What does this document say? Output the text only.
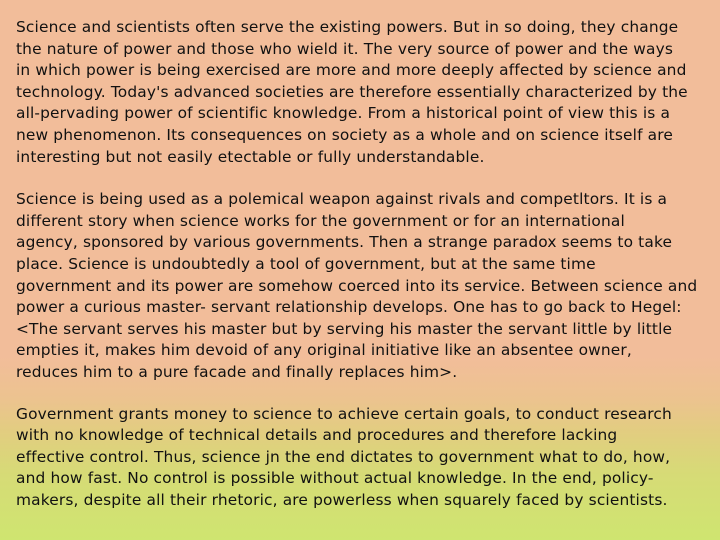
Science and scientists often serve the existing powers. But in so doing, they change
the nature of power and those who wield it. The very source of power and the ways
in which power is being exercised are more and more deeply affected by science and
technology. Today's advanced societies are therefore essentially characterized by the
all-pervading power of scientific knowledge. From a historical point of view this is a
new phenomenon. Its consequences on society as a whole and on science itself are
interesting but not easily etectable or fully understandable.

Science is being used as a polemical weapon against rivals and competltors. It is a
different story when science works for the government or for an international
agency, sponsored by various governments. Then a strange paradox seems to take
place. Science is undoubtedly a tool of government, but at the same time
government and its power are somehow coerced into its service. Between science and
power a curious master- servant relationship develops. One has to go back to Hegel:
<The servant serves his master but by serving his master the servant little by little
empties it, makes him devoid of any original initiative like an absentee owner,
reduces him to a pure facade and finally replaces him>.

Government grants money to science to achieve certain goals, to conduct research
with no knowledge of technical details and procedures and therefore lacking
effective control. Thus, science jn the end dictates to government what to do, how,
and how fast. No control is possible without actual knowledge. In the end, policy-
makers, despite all their rhetoric, are powerless when squarely faced by scientists.
